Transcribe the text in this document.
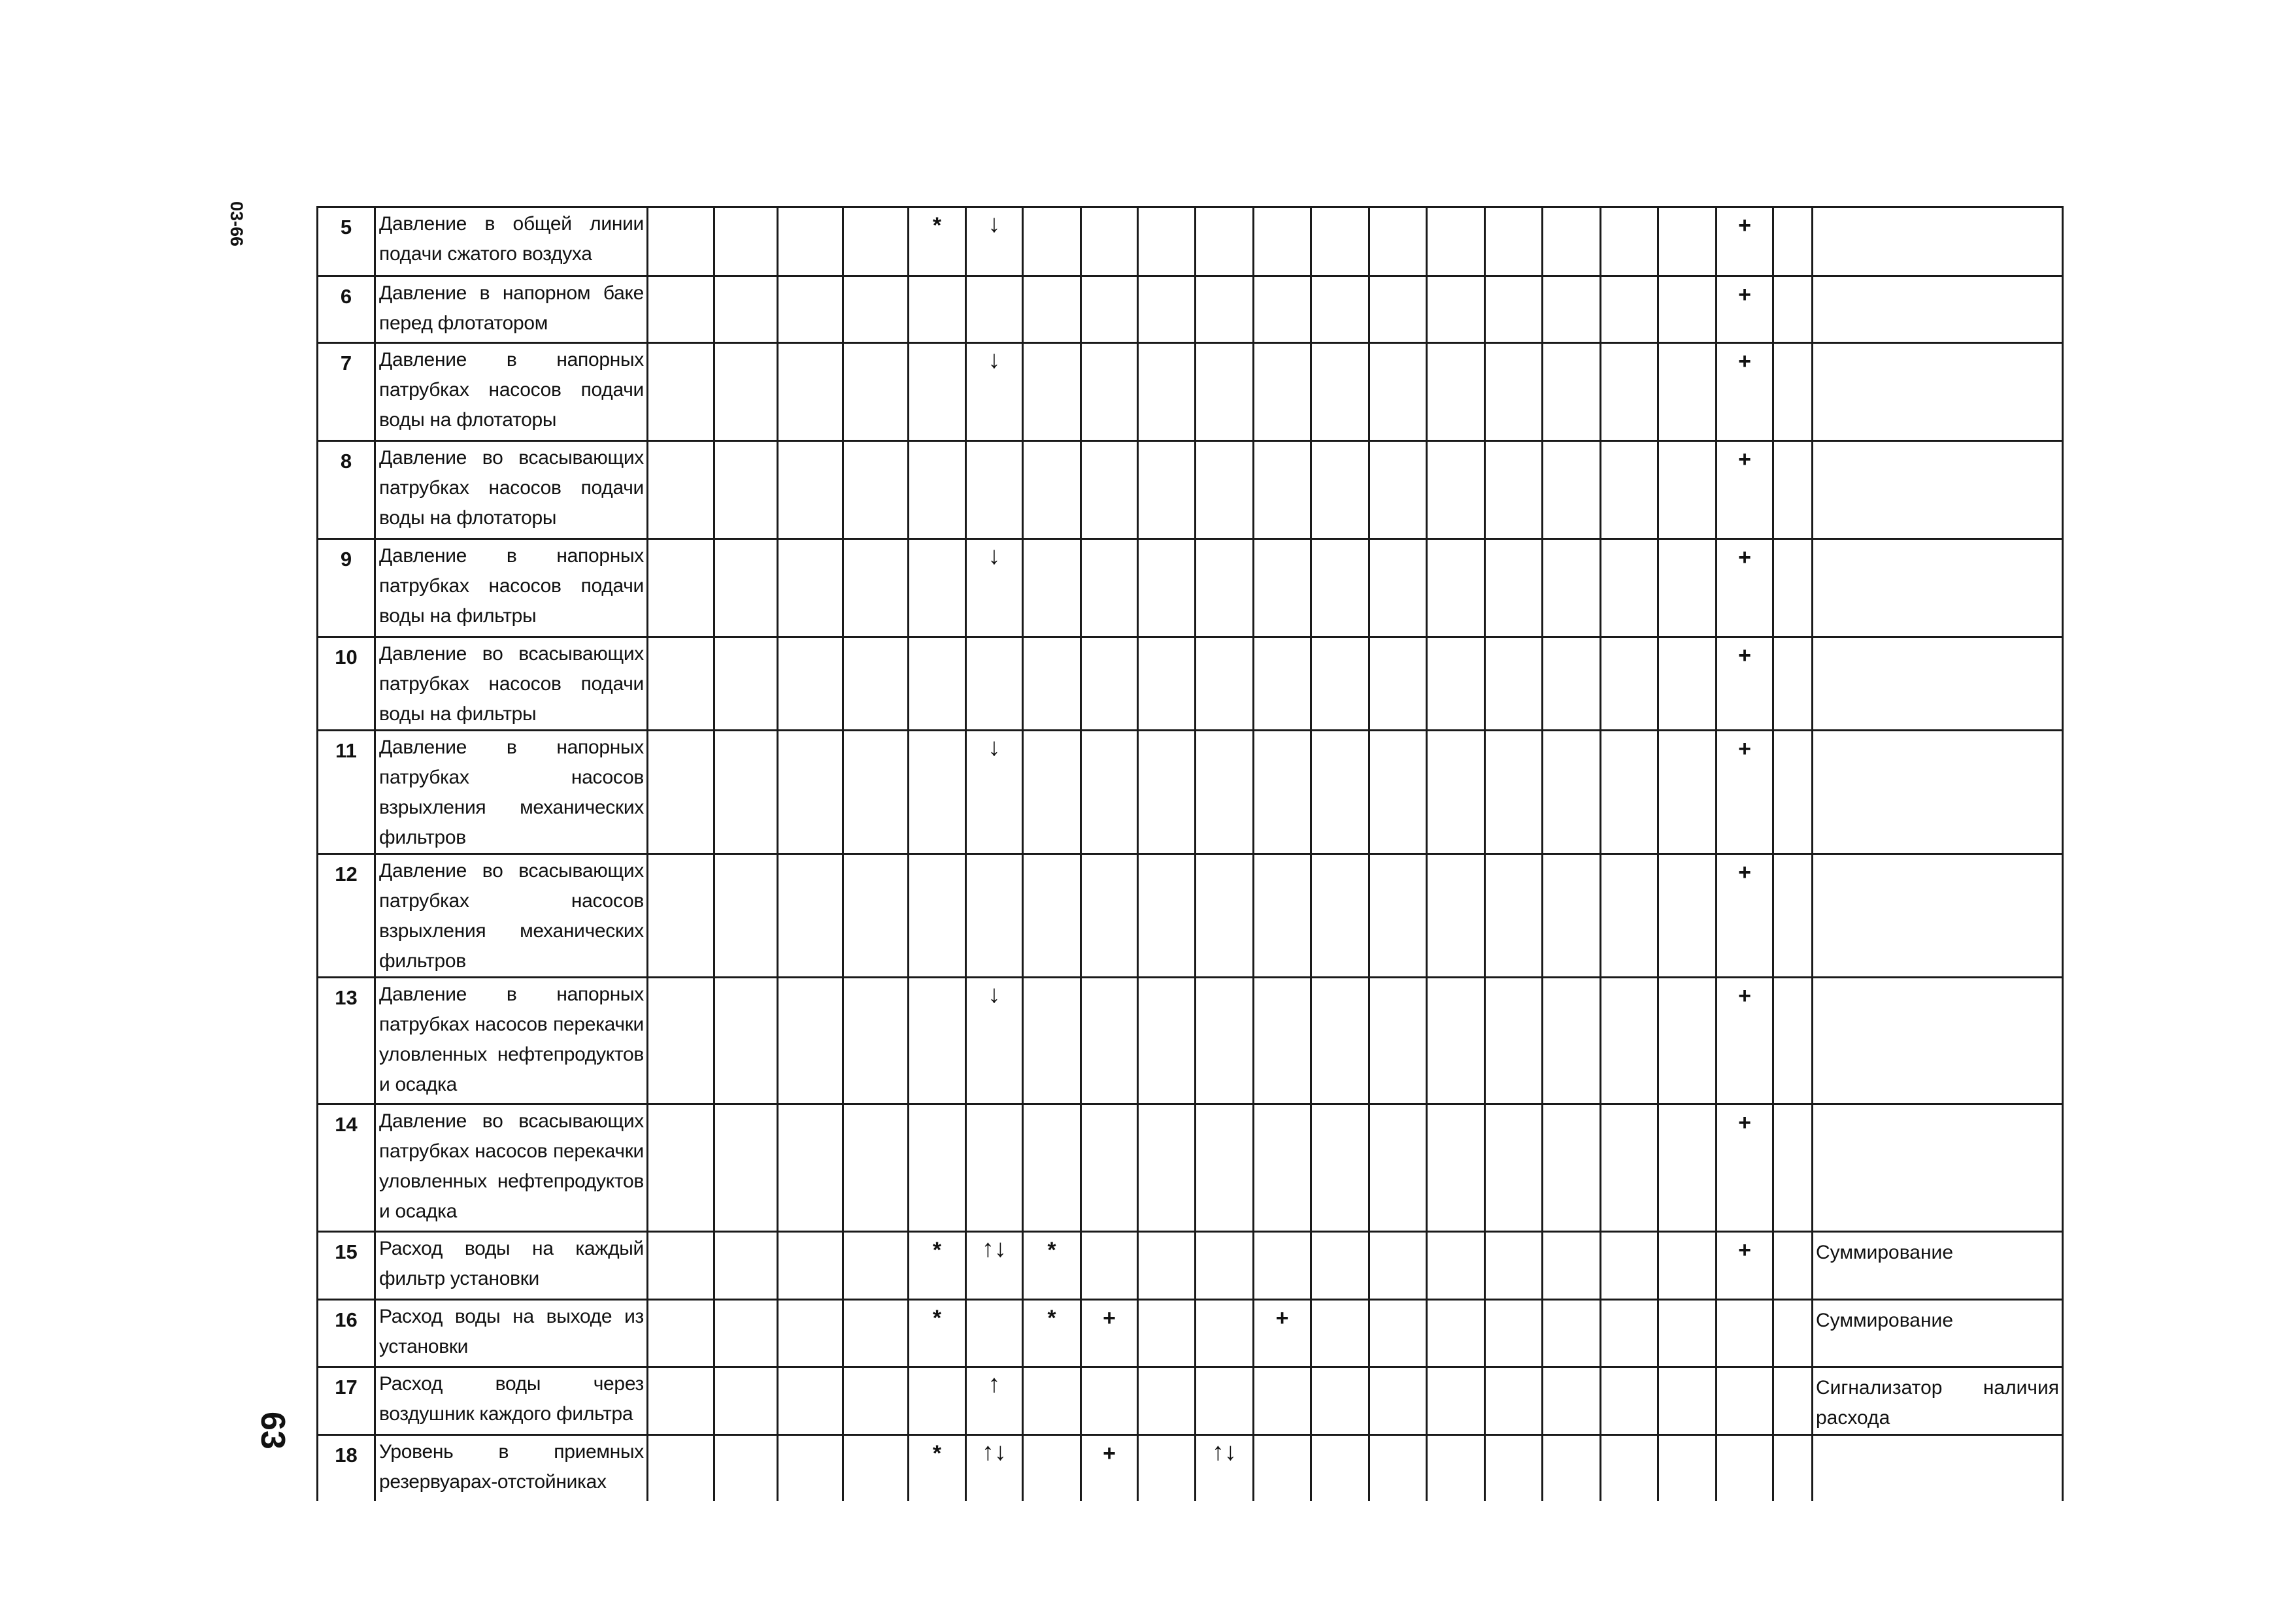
03-66
63
5	Давление в общей линии подачи сжатого воздуха					*	↓													+		
6	Давление в напорном баке перед флотатором																			+		
7	Давление в напорных патрубках насосов подачи воды на флотаторы						↓													+		
8	Давление во всасывающих патрубках насосов подачи воды на флотаторы																			+		
9	Давление в напорных патрубках насосов подачи воды на фильтры						↓													+		
10	Давление во всасывающих патрубках насосов подачи воды на фильтры																			+		
11	Давление в напорных патрубках насосов взрыхления механических фильтров						↓													+		
12	Давление во всасывающих патрубках насосов взрыхления механических фильтров																			+		
13	Давление в напорных патрубках насосов перекачки уловленных нефтепродуктов и осадка						↓													+		
14	Давление во всасывающих патрубках насосов перекачки уловленных нефтепродуктов и осадка																			+		
15	Расход воды на каждый фильтр установки					*	↑↓	*												+		Суммирование
16	Расход воды на выходе из установки					*		*	+			+										Суммирование
17	Расход воды через воздушник каждого фильтра						↑															Сигнализатор наличия расхода
18	Уровень в приемных резервуарах-отстойниках					*	↑↓		+		↑↓											
